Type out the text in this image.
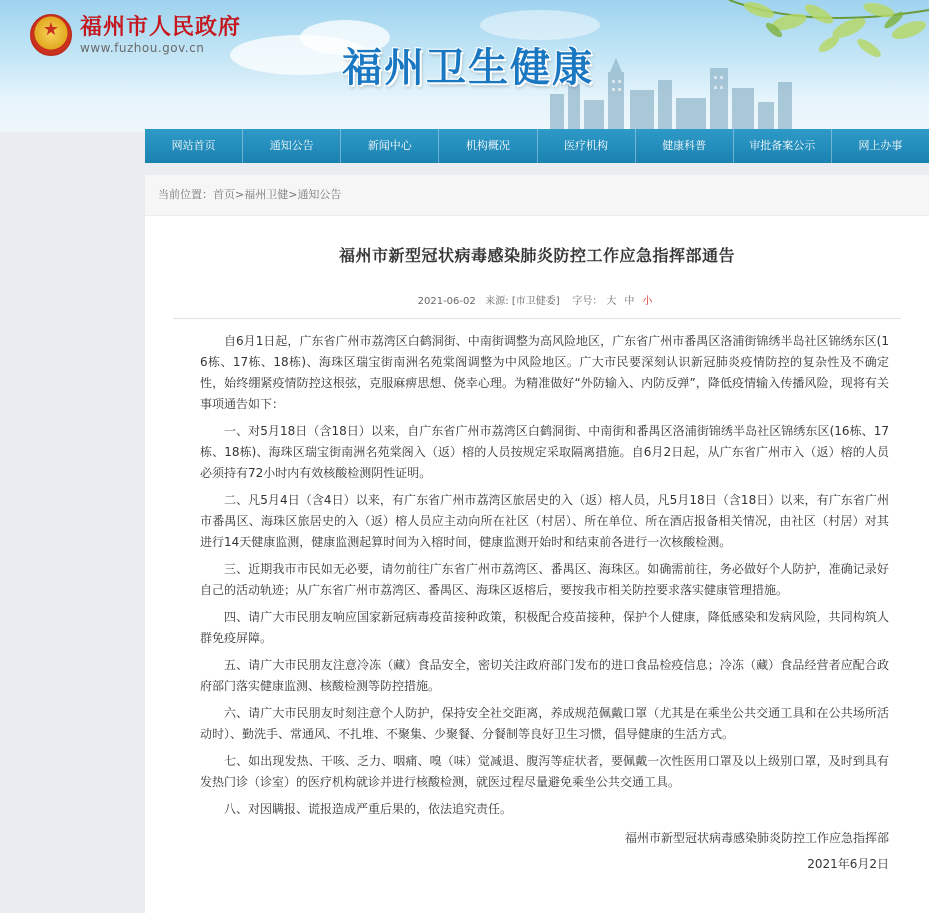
★
福州市人民政府
www.fuzhou.gov.cn	福州卫生健康
网站首页	通知公告	新闻中心	机构概况	医疗机构	健康科普	审批备案公示	网上办事
当前位置：首页>福州卫健>通知公告
福州市新型冠状病毒感染肺炎防控工作应急指挥部通告
2021-06-02 来源: [市卫健委] 字号： 大 中 小

自6月1日起，广东省广州市荔湾区白鹤洞街、中南街调整为高风险地区，广东省广州市番禺区洛浦街锦绣半岛社区锦绣东区(16栋、17栋、18栋)、海珠区瑞宝街南洲名苑棠阁调整为中风险地区。广大市民要深刻认识新冠肺炎疫情防控的复杂性及不确定性，始终绷紧疫情防控这根弦，克服麻痹思想、侥幸心理。为精准做好“外防输入、内防反弹”，降低疫情输入传播风险，现将有关事项通告如下：

一、对5月18日（含18日）以来，自广东省广州市荔湾区白鹤洞街、中南街和番禺区洛浦街锦绣半岛社区锦绣东区(16栋、17栋、18栋)、海珠区瑞宝街南洲名苑棠阁入（返）榕的人员按规定采取隔离措施。自6月2日起，从广东省广州市入（返）榕的人员必须持有72小时内有效核酸检测阴性证明。

二、凡5月4日（含4日）以来，有广东省广州市荔湾区旅居史的入（返）榕人员，凡5月18日（含18日）以来，有广东省广州市番禺区、海珠区旅居史的入（返）榕人员应主动向所在社区（村居）、所在单位、所在酒店报备相关情况，由社区（村居）对其进行14天健康监测，健康监测起算时间为入榕时间，健康监测开始时和结束前各进行一次核酸检测。

三、近期我市市民如无必要，请勿前往广东省广州市荔湾区、番禺区、海珠区。如确需前往，务必做好个人防护，准确记录好自己的活动轨迹；从广东省广州市荔湾区、番禺区、海珠区返榕后，要按我市相关防控要求落实健康管理措施。

四、请广大市民朋友响应国家新冠病毒疫苗接种政策，积极配合疫苗接种，保护个人健康，降低感染和发病风险，共同构筑人群免疫屏障。

五、请广大市民朋友注意冷冻（藏）食品安全，密切关注政府部门发布的进口食品检疫信息；冷冻（藏）食品经营者应配合政府部门落实健康监测、核酸检测等防控措施。

六、请广大市民朋友时刻注意个人防护，保持安全社交距离，养成规范佩戴口罩（尤其是在乘坐公共交通工具和在公共场所活动时）、勤洗手、常通风、不扎堆、不聚集、少聚餐、分餐制等良好卫生习惯，倡导健康的生活方式。

七、如出现发热、干咳、乏力、咽痛、嗅（味）觉减退、腹泻等症状者，要佩戴一次性医用口罩及以上级别口罩，及时到具有发热门诊（诊室）的医疗机构就诊并进行核酸检测，就医过程尽量避免乘坐公共交通工具。

八、对因瞒报、谎报造成严重后果的，依法追究责任。

福州市新型冠状病毒感染肺炎防控工作应急指挥部
2021年6月2日
